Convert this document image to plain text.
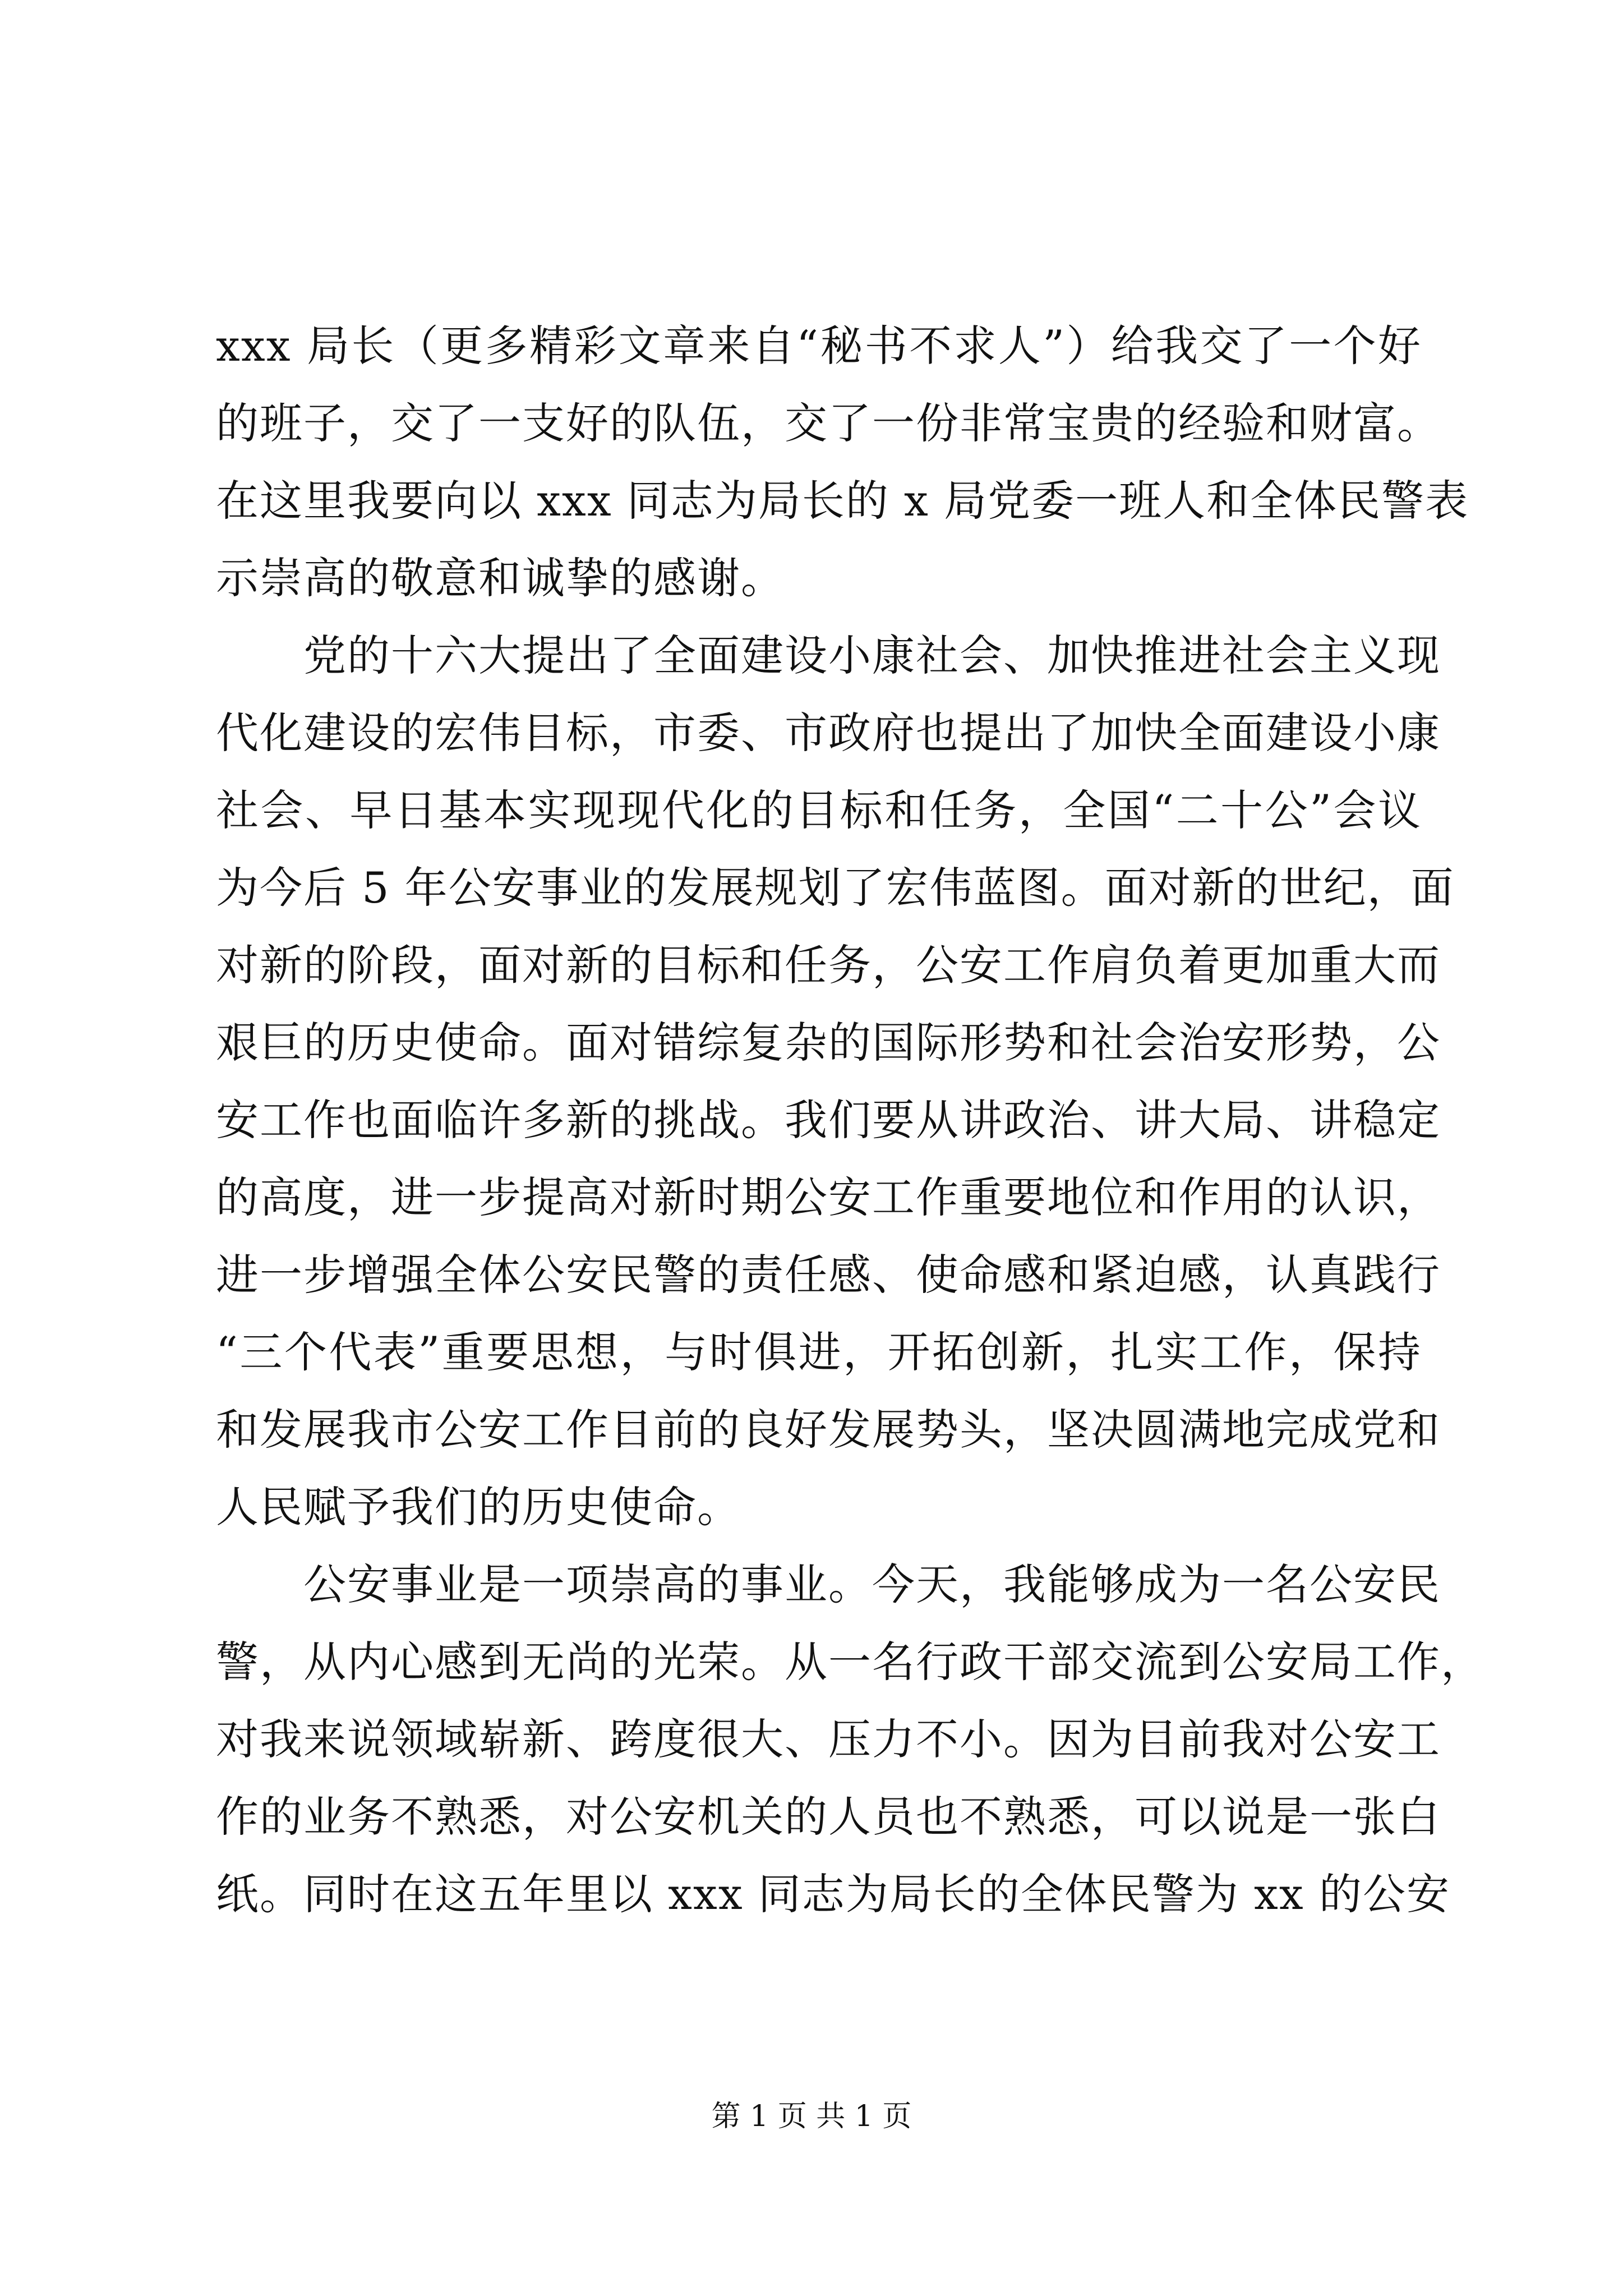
xxx 局长（更多精彩文章来自“秘书不求人”）给我交了一个好
的班子，交了一支好的队伍，交了一份非常宝贵的经验和财富。
在这里我要向以 xxx 同志为局长的 x 局党委一班人和全体民警表
示崇高的敬意和诚挚的感谢。
　　党的十六大提出了全面建设小康社会、加快推进社会主义现
代化建设的宏伟目标，市委、市政府也提出了加快全面建设小康
社会、早日基本实现现代化的目标和任务，全国“二十公”会议
为今后 5 年公安事业的发展规划了宏伟蓝图。面对新的世纪，面
对新的阶段，面对新的目标和任务，公安工作肩负着更加重大而
艰巨的历史使命。面对错综复杂的国际形势和社会治安形势，公
安工作也面临许多新的挑战。我们要从讲政治、讲大局、讲稳定
的高度，进一步提高对新时期公安工作重要地位和作用的认识，
进一步增强全体公安民警的责任感、使命感和紧迫感，认真践行
“三个代表”重要思想，与时俱进，开拓创新，扎实工作，保持
和发展我市公安工作目前的良好发展势头，坚决圆满地完成党和
人民赋予我们的历史使命。
　　公安事业是一项崇高的事业。今天，我能够成为一名公安民
警，从内心感到无尚的光荣。从一名行政干部交流到公安局工作，
对我来说领域崭新、跨度很大、压力不小。因为目前我对公安工
作的业务不熟悉，对公安机关的人员也不熟悉，可以说是一张白
纸。同时在这五年里以 xxx 同志为局长的全体民警为 xx 的公安
第 1 页 共 1 页
